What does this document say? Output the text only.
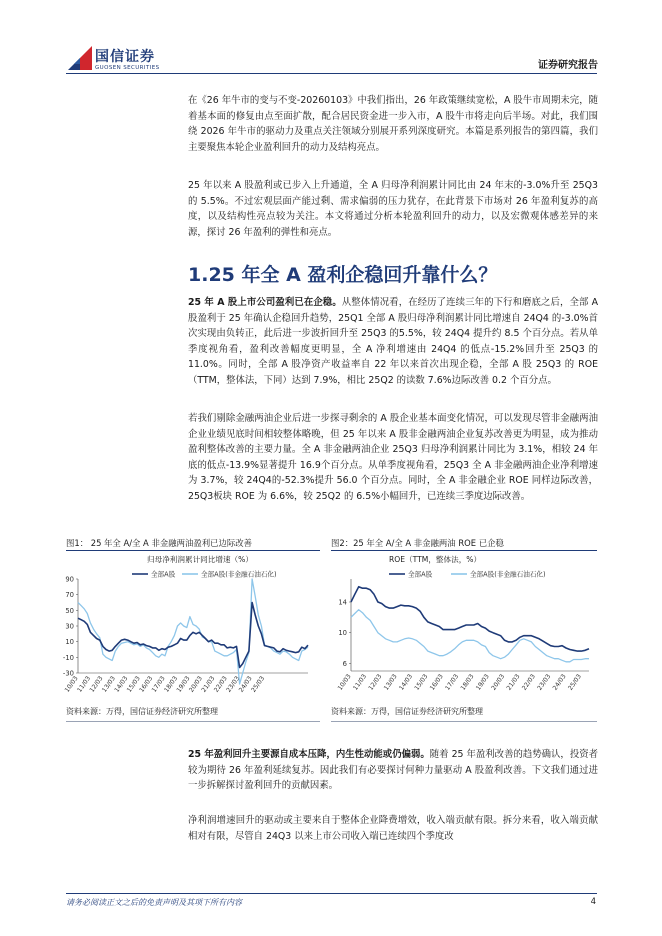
国信证券
GUOSEN SECURITIES	证券研究报告

在《26 年牛市的变与不变-20260103》中我们指出，26 年政策继续宽松，A 股牛市周期未完，随着基本面的修复由点至面扩散，配合居民资金进一步入市，A 股牛市将走向后半场。对此，我们围绕 2026 年牛市的驱动力及重点关注领域分别展开系列深度研究。本篇是系列报告的第四篇，我们主要聚焦本轮企业盈利回升的动力及结构亮点。

25 年以来 A 股盈利或已步入上升通道，全 A 归母净利润累计同比由 24 年末的-3.0%升至 25Q3 的 5.5%。不过宏观层面产能过剩、需求偏弱的压力犹存，在此背景下市场对 26 年盈利复苏的高度，以及结构性亮点较为关注。本文将通过分析本轮盈利回升的动力，以及宏微观体感差异的来源，探讨 26 年盈利的弹性和亮点。

1.25 年全 A 盈利企稳回升靠什么？

25 年 A 股上市公司盈利已在企稳。从整体情况看，在经历了连续三年的下行和磨底之后，全部 A 股盈利于 25 年确认企稳回升趋势，25Q1 全部 A 股归母净利润累计同比增速自 24Q4 的-3.0%首次实现由负转正，此后进一步波折回升至 25Q3 的5.5%，较 24Q4 提升约 8.5 个百分点。若从单季度视角看，盈利改善幅度更明显，全 A 净利增速由 24Q4 的低点-15.2%回升至 25Q3 的 11.0%。同时，全部 A 股净资产收益率自 22 年以来首次出现企稳，全部 A 股 25Q3 的 ROE（TTM，整体法，下同）达到 7.9%，相比 25Q2 的读数 7.6%边际改善 0.2 个百分点。

若我们剔除金融两油企业后进一步探寻剩余的 A 股企业基本面变化情况，可以发现尽管非金融两油企业业绩见底时间相较整体略晚，但 25 年以来 A 股非金融两油企业复苏改善更为明显，成为推动盈利整体改善的主要力量。全 A 非金融两油企业 25Q3 归母净利润累计同比为 3.1%，相较 24 年底的低点-13.9%显著提升 16.9个百分点。从单季度视角看，25Q3 全 A 非金融两油企业净利增速为 3.7%，较 24Q4的-52.3%提升 56.0 个百分点。同时，全 A 非金融企业 ROE 同样边际改善，25Q3板块 ROE 为 6.6%，较 25Q2 的 6.5%小幅回升，已连续三季度边际改善。

图1： 25 年全 A/全 A 非金融两油盈利已边际改善
归母净利润累计同比增速（%）
全部A股	全部A股(非金融石油石化)
-30
-10
10
30
50
70
90
10/03
11/03
12/03
13/03
14/03
15/03
16/03
17/03
18/03
19/03
20/03
21/03
22/03
23/03
24/03
25/03
资料来源：万得，国信证券经济研究所整理
图2：25 年全 A/全 A 非金融两油 ROE 已企稳
ROE（TTM，整体法，%）
全部A股	全部A股(非金融石油石化)
6
10
14
10/03 11/03 12/03 13/03 14/03 15/03 16/03 17/03 18/03 19/03 20/03 21/03 22/03 23/03 24/03 25/03
资料来源：万得，国信证券经济研究所整理

25 年盈利回升主要源自成本压降，内生性动能或仍偏弱。随着 25 年盈利改善的趋势确认，投资者较为期待 26 年盈利延续复苏。因此我们有必要探讨何种力量驱动 A 股盈利改善。下文我们通过进一步拆解探讨盈利回升的贡献因素。

净利润增速回升的驱动或主要来自于整体企业降费增效，收入端贡献有限。拆分来看，收入端贡献相对有限，尽管自 24Q3 以来上市公司收入端已连续四个季度改

请务必阅读正文之后的免责声明及其项下所有内容	4
